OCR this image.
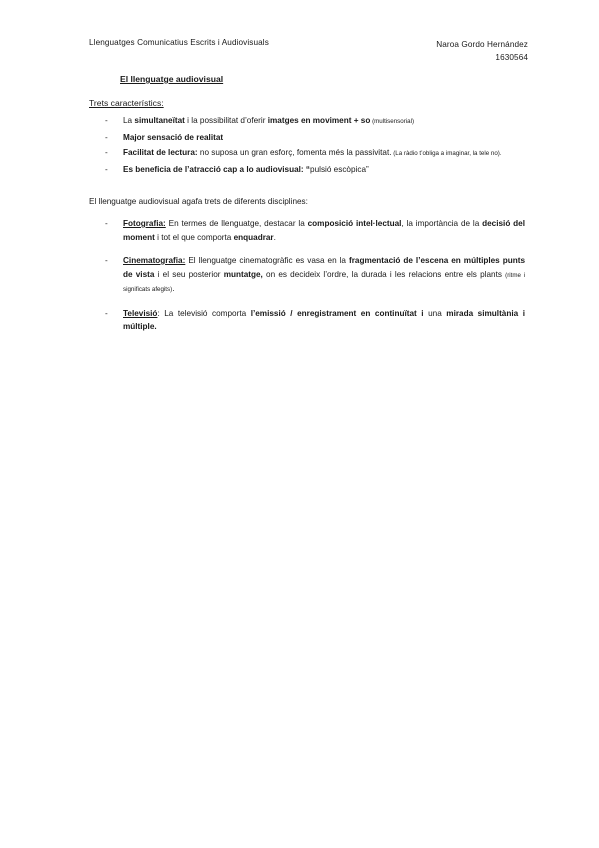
Llenguatges Comunicatius Escrits i Audiovisuals	Naroa Gordo Hernández
1630564
El llenguatge audiovisual
Trets característics:
- La simultaneïtat i la possibilitat d’oferir imatges en moviment + so (multisensorial)
- Major sensació de realitat
- Facilitat de lectura: no suposa un gran esforç, fomenta més la passivitat. (La ràdio t’obliga a imaginar, la tele no).
- Es beneficia de l’atracció cap a lo audiovisual: “pulsió escòpica”
El llenguatge audiovisual agafa trets de diferents disciplines:
- Fotografia: En termes de llenguatge, destacar la composició intel·lectual, la importància de la decisió del moment i tot el que comporta enquadrar.
- Cinematografia: El llenguatge cinematogràfic es vasa en la fragmentació de l’escena en múltiples punts de vista i el seu posterior muntatge, on es decideix l’ordre, la durada i les relacions entre els plants (ritme i significats afegits).
- Televisió: La televisió comporta l’emissió / enregistrament en continuïtat i una mirada simultània i múltiple.
